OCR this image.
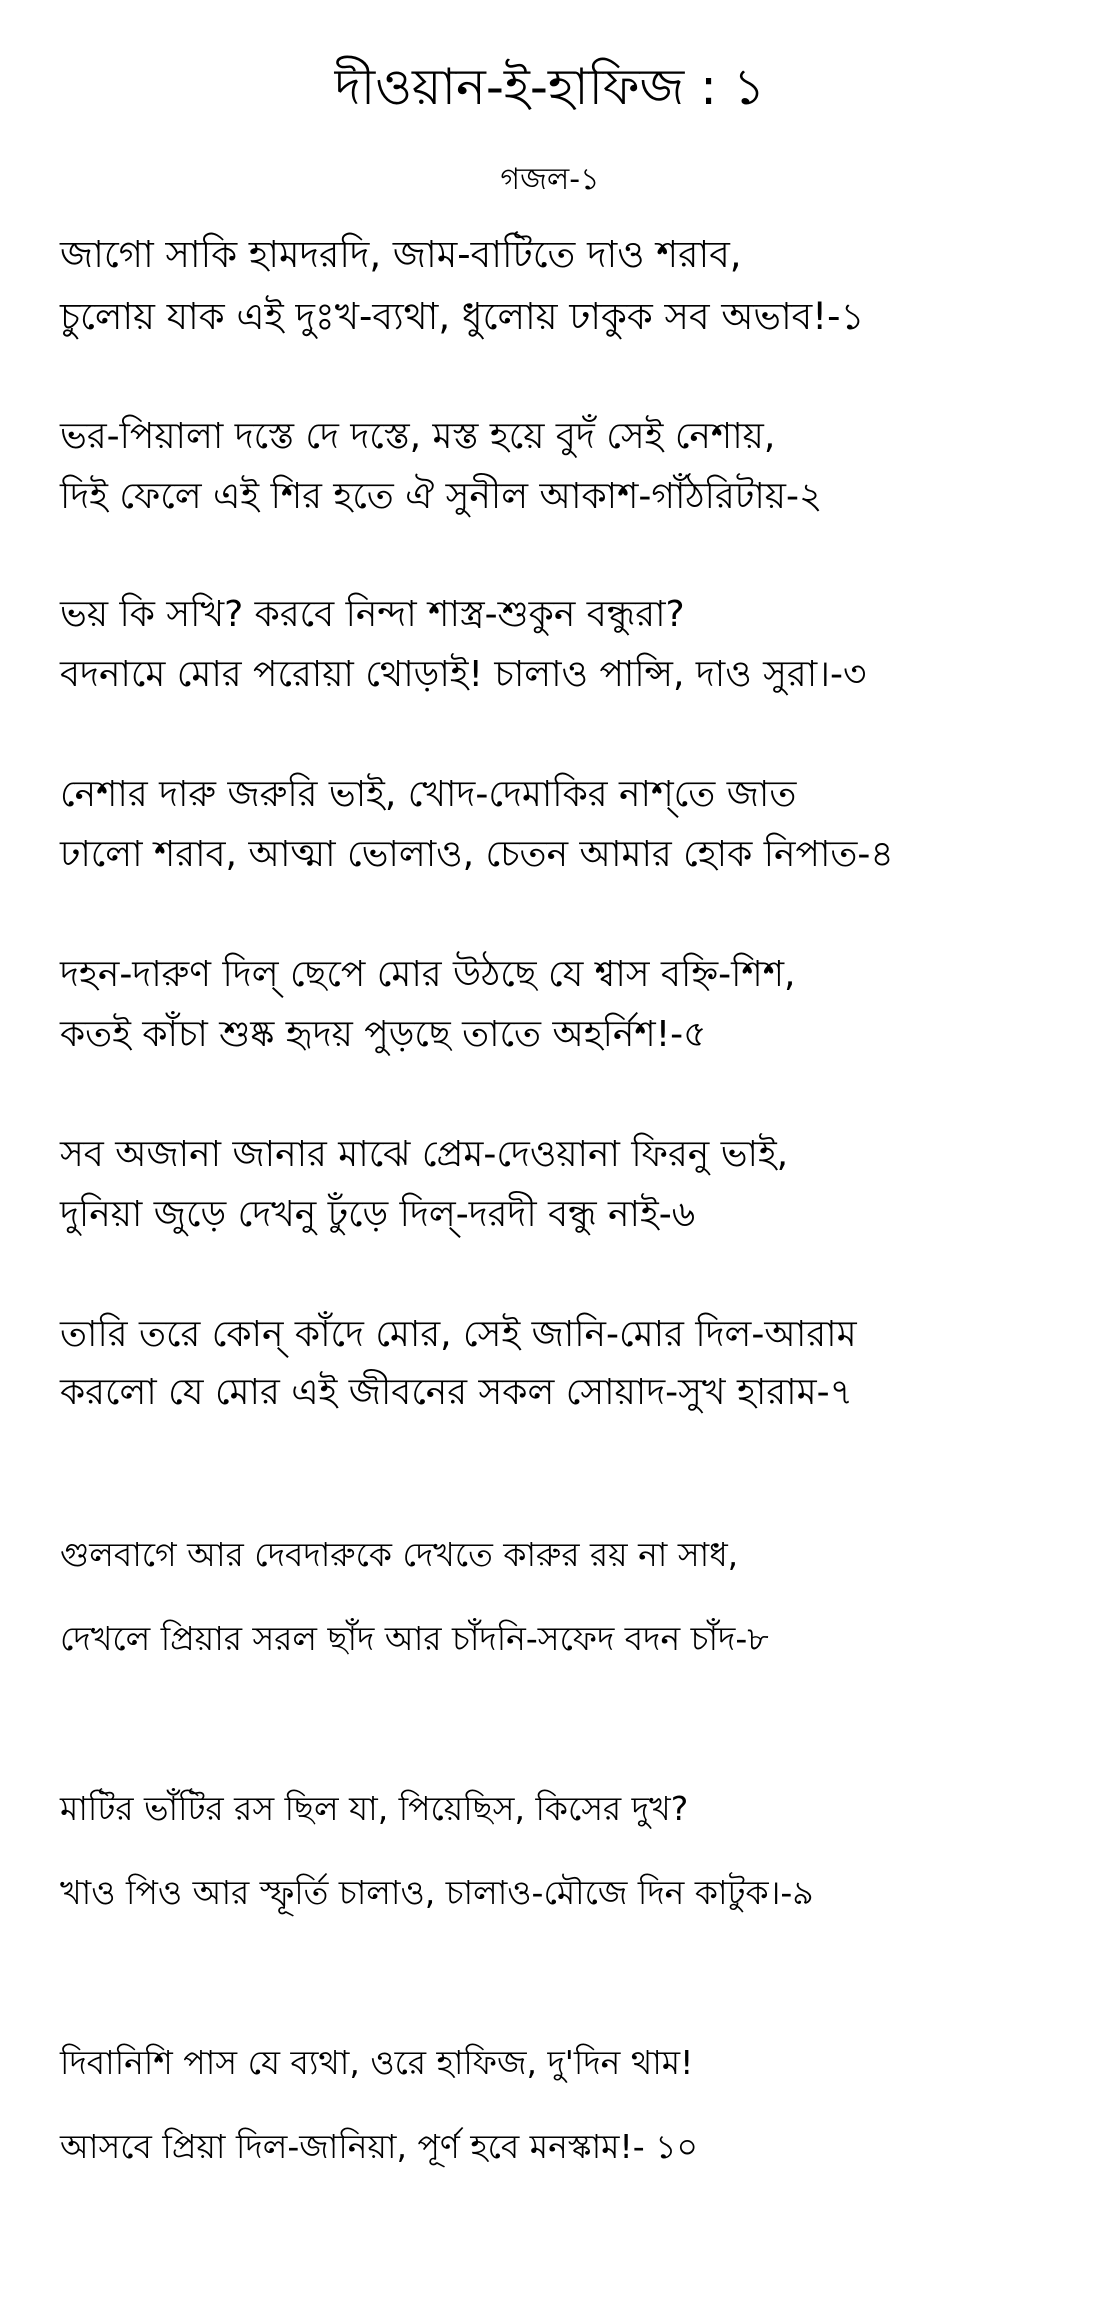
দীওয়ান-ই-হাফিজ : ১
গজল-১

জাগো সাকি হামদরদি, জাম-বাটিতে দাও শরাব,

চুলোয় যাক এই দুঃখ-ব্যথা, ধুলোয় ঢাকুক সব অভাব!-১

ভর-পিয়ালা দস্তে দে দস্তে, মস্ত হয়ে বুদঁ সেই নেশায়,

দিই ফেলে এই শির হতে ঐ সুনীল আকাশ-গাঁঠরিটায়-২

ভয় কি সখি? করবে নিন্দা শাস্ত্র-শুকুন বন্ধুরা?

বদনামে মোর পরোয়া থোড়াই! চালাও পান্সি, দাও সুরা।-৩

নেশার দারু জরুরি ভাই, খোদ-দেমাকির নাশ্‌তে জাত

ঢালো শরাব, আত্মা ভোলাও, চেতন আমার হোক নিপাত-৪

দহন-দারুণ দিল্ ছেপে মোর উঠছে যে শ্বাস বহ্নি-শিশ,

কতই কাঁচা শুষ্ক হৃদয় পুড়ছে তাতে অহর্নিশ!-৫

সব অজানা জানার মাঝে প্রেম-দেওয়ানা ফিরনু ভাই,

দুনিয়া জুড়ে দেখনু ঢুঁড়ে দিল্-দরদী বন্ধু নাই-৬

তারি তরে কোন্ কাঁদে মোর, সেই জানি-মোর দিল-আরাম

করলো যে মোর এই জীবনের সকল সোয়াদ-সুখ হারাম-৭

গুলবাগে আর দেবদারুকে দেখতে কারুর রয় না সাধ,

দেখলে প্রিয়ার সরল ছাঁদ আর চাঁদনি-সফেদ বদন চাঁদ-৮

মাটির ভাঁটির রস ছিল যা, পিয়েছিস, কিসের দুখ?

খাও পিও আর স্ফূর্তি চালাও, চালাও-মৌজে দিন কাটুক।-৯

দিবানিশি পাস যে ব্যথা, ওরে হাফিজ, দু'দিন থাম!

আসবে প্রিয়া দিল-জানিয়া, পূর্ণ হবে মনস্কাম!- ১০
